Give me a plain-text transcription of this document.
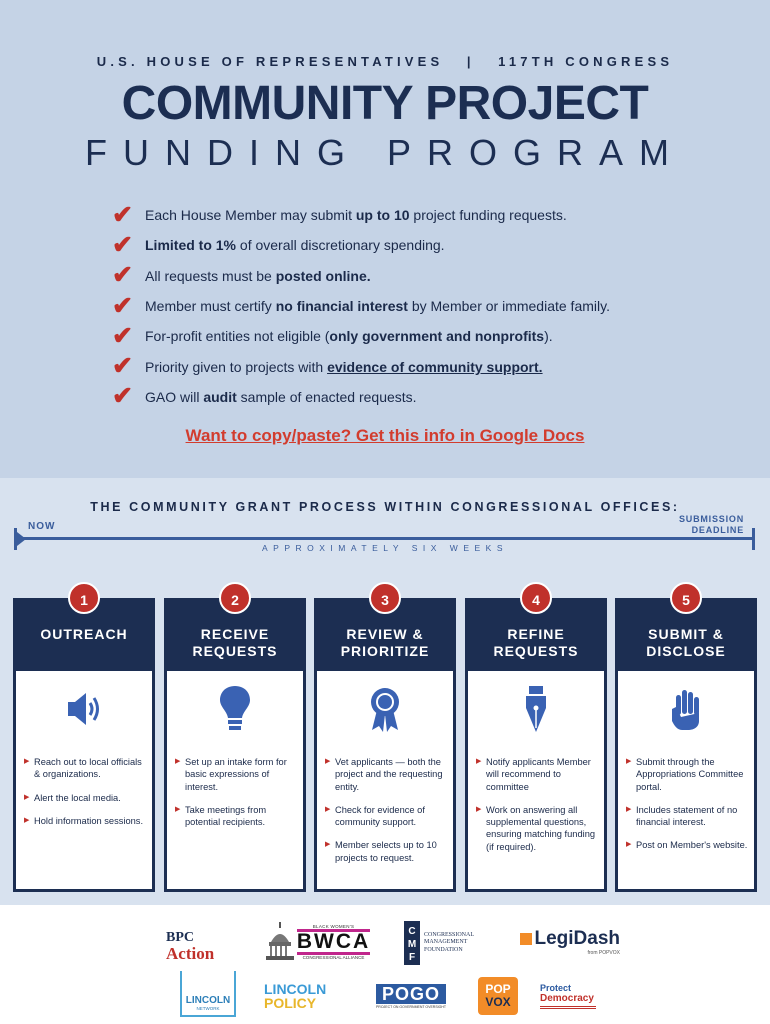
U.S. HOUSE OF REPRESENTATIVES   |   117TH CONGRESS
COMMUNITY PROJECT
FUNDING PROGRAM
✔ Each House Member may submit up to 10 project funding requests.
✔ Limited to 1% of overall discretionary spending.
✔ All requests must be posted online.
✔ Member must certify no financial interest by Member or immediate family.
✔ For-profit entities not eligible (only government and nonprofits).
✔ Priority given to projects with evidence of community support.
✔ GAO will audit sample of enacted requests.
Want to copy/paste? Get this info in Google Docs
THE COMMUNITY GRANT PROCESS WITHIN CONGRESSIONAL OFFICES:
NOW
SUBMISSION
DEADLINE
APPROXIMATELY SIX WEEKS
OUTREACH
▶ Reach out to local officials & organizations.
▶ Alert the local media.
▶ Hold information sessions.
1
RECEIVE
REQUESTS
▶ Set up an intake form for basic expressions of interest.
▶ Take meetings from potential recipients.
2
REVIEW &
PRIORITIZE
▶ Vet applicants — both the project and the requesting entity.
▶ Check for evidence of community support.
▶ Member selects up to 10 projects to request.
3
REFINE
REQUESTS
▶ Notify applicants Member will recommend to committee
▶ Work on answering all supplemental questions, ensuring matching funding (if required).
4
SUBMIT &
DISCLOSE
▶ Submit through the Appropriations Committee portal.
▶ Includes statement of no financial interest.
▶ Post on Member's website.
5
BPC
Action
BLACK WOMEN'S
BWCA
CONGRESSIONAL ALLIANCE
C
M
F
CONGRESSIONAL
MANAGEMENT
FOUNDATION
LegiDash
from POPVOX
LINCOLN
NETWORK
LINCOLN
POLICY	POGO
PROJECT ON GOVERNMENT OVERSIGHT
POP
VOX
Protect
Democracy
